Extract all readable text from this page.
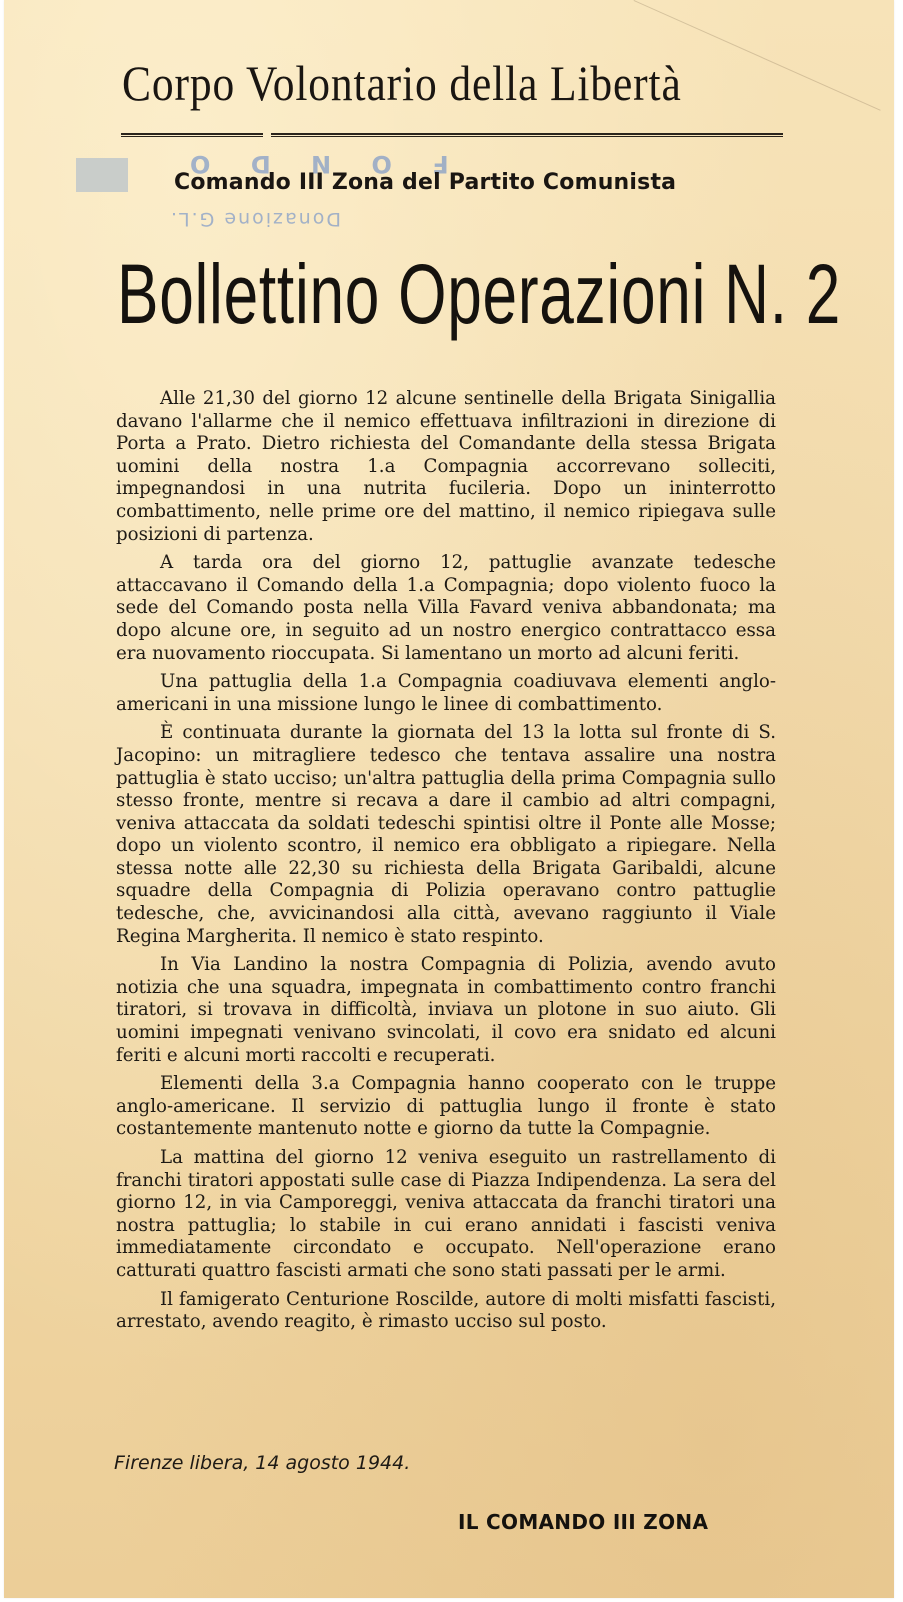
Corpo Volontario della Libertà
F O N D O
Comando III Zona del Partito Comunista
Donazione G.L.
Bollettino Operazioni N. 2

Alle 21,30 del giorno 12 alcune sentinelle della Brigata Sinigallia davano l'allarme che il nemico effettuava infiltrazioni in direzione di Porta a Prato. Dietro richiesta del Comandante della stessa Brigata uomini della nostra 1.a Compagnia accorrevano solleciti, impegnandosi in una nutrita fucileria. Dopo un ininterrotto combattimento, nelle prime ore del mattino, il nemico ripiegava sulle posizioni di partenza.

A tarda ora del giorno 12, pattuglie avanzate tedesche attaccavano il Comando della 1.a Compagnia; dopo violento fuoco la sede del Comando posta nella Villa Favard veniva abbandonata; ma dopo alcune ore, in seguito ad un nostro energico contrattacco essa era nuovamento rioccupata. Si lamentano un morto ad alcuni feriti.

Una pattuglia della 1.a Compagnia coadiuvava elementi anglo-americani in una missione lungo le linee di combattimento.

È continuata durante la giornata del 13 la lotta sul fronte di S. Jacopino: un mitragliere tedesco che tentava assalire una nostra pattuglia è stato ucciso; un'altra pattuglia della prima Compagnia sullo stesso fronte, mentre si recava a dare il cambio ad altri compagni, veniva attaccata da soldati tedeschi spintisi oltre il Ponte alle Mosse; dopo un violento scontro, il nemico era obbligato a ripiegare. Nella stessa notte alle 22,30 su richiesta della Brigata Garibaldi, alcune squadre della Compagnia di Polizia operavano contro pattuglie tedesche, che, avvicinandosi alla città, avevano raggiunto il Viale Regina Margherita. Il nemico è stato respinto.

In Via Landino la nostra Compagnia di Polizia, avendo avuto notizia che una squadra, impegnata in combattimento contro franchi tiratori, si trovava in difficoltà, inviava un plotone in suo aiuto. Gli uomini impegnati venivano svincolati, il covo era snidato ed alcuni feriti e alcuni morti raccolti e recuperati.

Elementi della 3.a Compagnia hanno cooperato con le truppe anglo-americane. Il servizio di pattuglia lungo il fronte è stato costantemente mantenuto notte e giorno da tutte la Compagnie.

La mattina del giorno 12 veniva eseguito un rastrellamento di franchi tiratori appostati sulle case di Piazza Indipendenza. La sera del giorno 12, in via Camporeggi, veniva attaccata da franchi tiratori una nostra pattuglia; lo stabile in cui erano annidati i fascisti veniva immediatamente circondato e occupato. Nell'operazione erano catturati quattro fascisti armati che sono stati passati per le armi.

Il famigerato Centurione Roscilde, autore di molti misfatti fascisti, arrestato, avendo reagito, è rimasto ucciso sul posto.

Firenze libera, 14 agosto 1944.
IL COMANDO III ZONA
